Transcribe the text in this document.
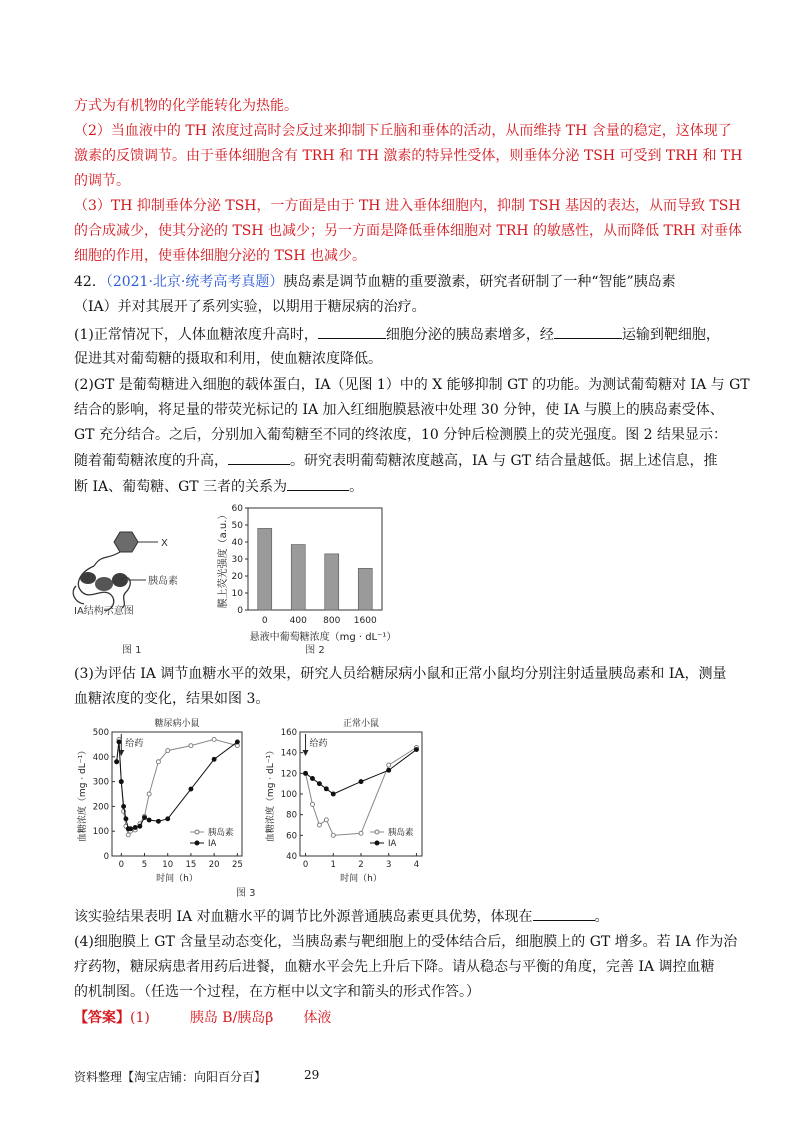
方式为有机物的化学能转化为热能。
（2）当血液中的 TH 浓度过高时会反过来抑制下丘脑和垂体的活动，从而维持 TH 含量的稳定，这体现了
激素的反馈调节。由于垂体细胞含有 TRH 和 TH 激素的特异性受体，则垂体分泌 TSH 可受到 TRH 和 TH
的调节。
（3）TH 抑制垂体分泌 TSH，一方面是由于 TH 进入垂体细胞内，抑制 TSH 基因的表达，从而导致 TSH
的合成减少，使其分泌的 TSH 也减少；另一方面是降低垂体细胞对 TRH 的敏感性，从而降低 TRH 对垂体
细胞的作用，使垂体细胞分泌的 TSH 也减少。
42．（2021·北京·统考高考真题）胰岛素是调节血糖的重要激素，研究者研制了一种“智能”胰岛素
（IA）并对其展开了系列实验，以期用于糖尿病的治疗。
(1)正常情况下，人体血糖浓度升高时，	细胞分泌的胰岛素增多，经	运输到靶细胞，
促进其对葡萄糖的摄取和利用，使血糖浓度降低。
(2)GT 是葡萄糖进入细胞的载体蛋白，IA（见图 1）中的 X 能够抑制 GT 的功能。为测试葡萄糖对 IA 与 GT
结合的影响，将足量的带荧光标记的 IA 加入红细胞膜悬液中处理 30 分钟，使 IA 与膜上的胰岛素受体、
GT 充分结合。之后，分别加入葡萄糖至不同的终浓度，10 分钟后检测膜上的荧光强度。图 2 结果显示：
随着葡萄糖浓度的升高，	。研究表明葡萄糖浓度越高，IA 与 GT 结合量越低。据上述信息，推
断 IA、葡萄糖、GT 三者的关系为	。
X
胰岛素
IA结构示意图
图 1
0
10
20
30
40
50
60
0 400 800 1600
悬液中葡萄糖浓度（mg · dL⁻¹）
膜上荧光强度（a.u.）
图 2
(3)为评估 IA 调节血糖水平的效果，研究人员给糖尿病小鼠和正常小鼠均分别注射适量胰岛素和 IA，测量
血糖浓度的变化，结果如图 3。
糖尿病小鼠
0
100
200
300
400
500
0 5 10 15 20 25
时间（h）
血糖浓度（mg · dL⁻¹）
给药
胰岛素
IA
正常小鼠
40
60
80
100
120
140
160
0	1	2	3	4
时间（h）
血糖浓度（mg · dL⁻¹）
给药
胰岛素
IA
图 3
该实验结果表明 IA 对血糖水平的调节比外源普通胰岛素更具优势，体现在	。
(4)细胞膜上 GT 含量呈动态变化，当胰岛素与靶细胞上的受体结合后，细胞膜上的 GT 增多。若 IA 作为治
疗药物，糖尿病患者用药后进餐，血糖水平会先上升后下降。请从稳态与平衡的角度，完善 IA 调控血糖
的机制图。（任选一个过程，在方框中以文字和箭头的形式作答。）
【答案】(1)	胰岛 B/胰岛β 体液
资料整理【淘宝店铺：向阳百分百】	29
